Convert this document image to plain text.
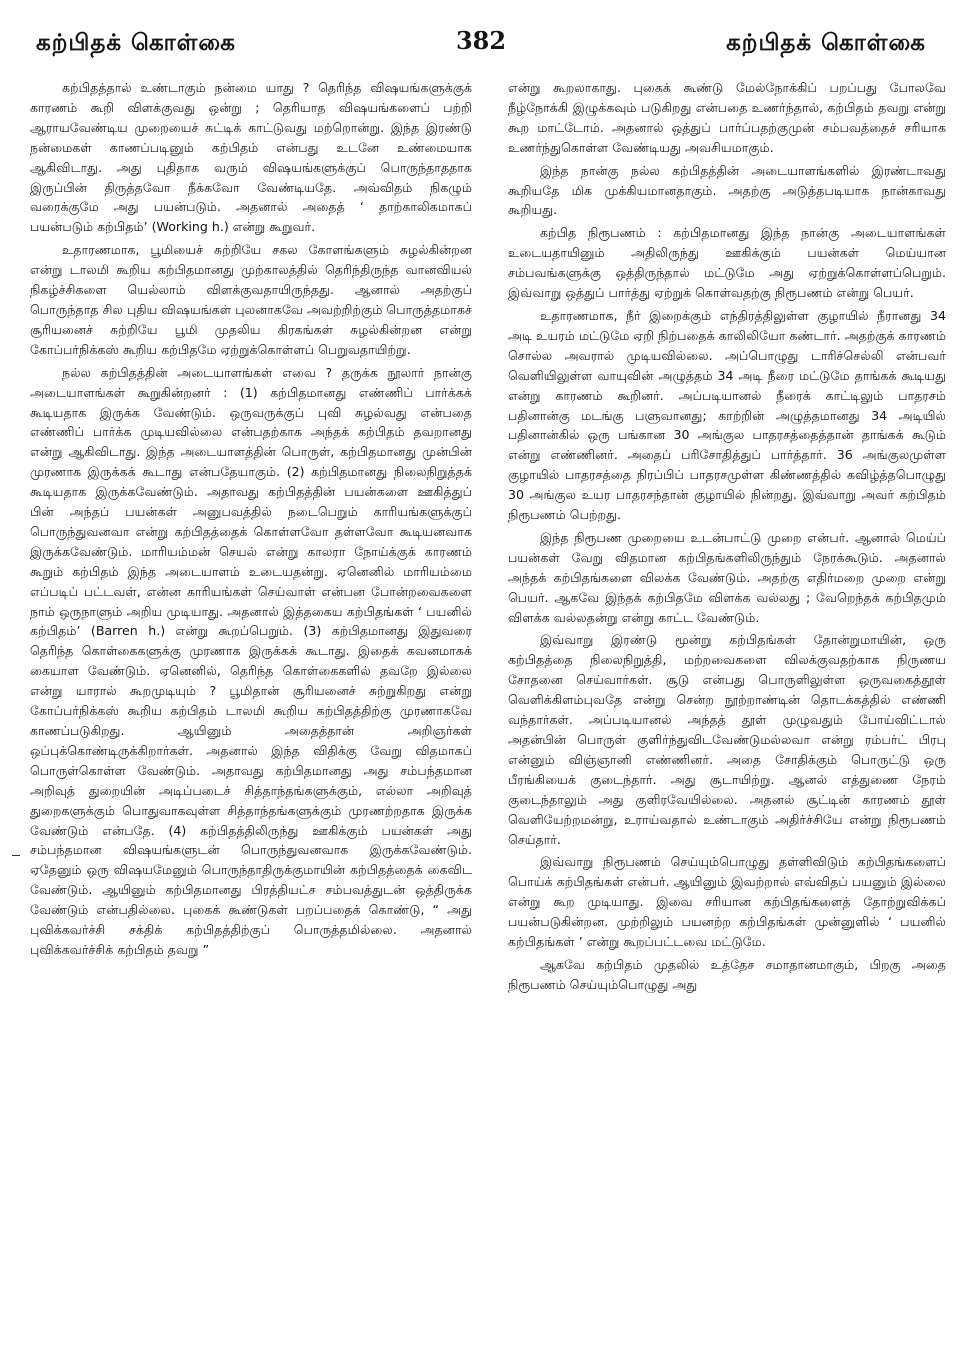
கற்பிதக் கொள்கை	382	கற்பிதக் கொள்கை

கற்பிதத்தால் உண்டாகும் நன்மை யாது ? தெரிந்த விஷயங்களுக்குக் காரணம் கூறி விளக்குவது ஒன்று ; தெரியாத விஷயங்களைப் பற்றி ஆராயவேண்டிய முறையைச் சுட்டிக் காட்டுவது மற்றொன்று. இந்த இரண்டு நன்மைகள் காணப்படினும் கற்பிதம் என்பது உடனே உண்மையாக ஆகிவிடாது. அது புதிதாக வரும் விஷயங்களுக்குப் பொருந்தாததாக இருப்பின் திருத்தவோ நீக்கவோ வேண்டியதே. அவ்விதம் நிகழும் வரைக்குமே அது பயன்படும். அதனால் அதைத் ‘ தாற்காலிகமாகப் பயன்படும் கற்பிதம்’ (Working h.) என்று கூறுவர்.

உதாரணமாக, பூமியைச் சுற்றியே சகல கோளங்களும் சுழல்கின்றன என்று டாலமி கூறிய கற்பிதமானது முற்காலத்தில் தெரிந்திருந்த வானவியல் நிகழ்ச்சிகளை யெல்லாம் விளக்குவதாயிருந்தது. ஆனால் அதற்குப் பொருந்தாத சில புதிய விஷயங்கள் புலனாகவே அவற்றிற்கும் பொருத்தமாகச் சூரியனைச் சுற்றியே பூமி முதலிய கிரகங்கள் சுழல்கின்றன என்று கோப்பர்நிக்கஸ் கூறிய கற்பிதமே ஏற்றுக்கொள்ளப் பெறுவதாயிற்று.

நல்ல கற்பிதத்தின் அடையாளங்கள் எவை ? தருக்க நூலார் நான்கு அடையாளங்கள் கூறுகின்றனர் : (1) கற்பிதமானது எண்ணிப் பார்க்கக் கூடியதாக இருக்க வேண்டும். ஒருவருக்குப் புவி சுழல்வது என்பதை எண்ணிப் பார்க்க முடியவில்லை என்பதற்காக அந்தக் கற்பிதம் தவறானது என்று ஆகிவிடாது. இந்த அடையாளத்தின் பொருள், கற்பிதமானது முன்பின் முரணாக இருக்கக் கூடாது என்பதேயாகும். (2) கற்பிதமானது நிலைநிறுத்தக் கூடியதாக இருக்கவேண்டும். அதாவது கற்பிதத்தின் பயன்களை ஊகித்துப் பின் அந்தப் பயன்கள் அனுபவத்தில் நடைபெறும் காரியங்களுக்குப் பொருந்துவனவா என்று கற்பிதத்தைக் கொள்ளவோ தள்ளவோ கூடியனவாக இருக்கவேண்டும். மாரியம்மன் செயல் என்று காலரா நோய்க்குக் காரணம் கூறும் கற்பிதம் இந்த அடையாளம் உடையதன்று. ஏனெனில் மாரியம்மை எப்படிப் பட்டவள், என்ன காரியங்கள் செய்வாள் என்பன போன்றவைகளை நாம் ஒருநாளும் அறிய முடியாது. அதனால் இத்தகைய கற்பிதங்கள் ‘ பயனில் கற்பிதம்’ (Barren h.) என்று கூறப்பெறும். (3) கற்பிதமானது இதுவரை தெரிந்த கொள்கைகளுக்கு முரணாக இருக்கக் கூடாது. இதைக் கவனமாகக் கையாள வேண்டும். ஏனெனில், தெரிந்த கொள்கைகளில் தவறே இல்லை என்று யாரால் கூறமுடியும் ? பூமிதான் சூரியனைச் சுற்றுகிறது என்று கோப்பர்நிக்கஸ் கூறிய கற்பிதம் டாலமி கூறிய கற்பிதத்திற்கு முரணாகவே காணப்படுகிறது. ஆயினும் அதைத்தான் அறிஞர்கள் ஒப்புக்கொண்டிருக்கிறார்கள். அதனால் இந்த விதிக்கு வேறு விதமாகப் பொருள்கொள்ள வேண்டும். அதாவது கற்பிதமானது அது சம்பந்தமான அறிவுத் துறையின் அடிப்படைச் சித்தாந்தங்களுக்கும், எல்லா அறிவுத் துறைகளுக்கும் பொதுவாகவுள்ள சித்தாந்தங்களுக்கும் முரணற்றதாக இருக்க வேண்டும் என்பதே. (4) கற்பிதத்திலிருந்து ஊகிக்கும் பயன்கள் அது சம்பந்தமான விஷயங்களுடன் பொருந்துவனவாக இருக்கவேண்டும். ஏதேனும் ஒரு விஷயமேனும் பொருந்தாதிருக்குமாயின் கற்பிதத்தைக் கைவிட வேண்டும். ஆயினும் கற்பிதமானது பிரத்தியட்ச சம்பவத்துடன் ஒத்திருக்க வேண்டும் என்பதில்லை. புகைக் கூண்டுகள் பறப்பதைக் கொண்டு, “ அது புவிக்கவர்ச்சி சக்திக் கற்பிதத்திற்குப் பொருத்தமில்லை. அதனால் புவிக்கவர்ச்சிக் கற்பிதம் தவறு ”

என்று கூறலாகாது. புகைக் கூண்டு மேல்நோக்கிப் பறப்பது போலவே நீழ்நோக்கி இழுக்கவும் படுகிறது என்பதை உணர்ந்தால், கற்பிதம் தவறு என்று கூற மாட்டோம். அதனால் ஒத்துப் பார்ப்பதற்குமுன் சம்பவத்தைச் சரியாக உணர்ந்துகொள்ள வேண்டியது அவசியமாகும்.

இந்த நான்கு நல்ல கற்பிதத்தின் அடையாளங்களில் இரண்டாவது கூறியதே மிக முக்கியமானதாகும். அதற்கு அடுத்தபடியாக நான்காவது கூறியது.

கற்பித நிரூபணம் : கற்பிதமானது இந்த நான்கு அடையாளங்கள் உடையதாயினும் அதிலிருந்து ஊகிக்கும் பயன்கள் மெய்யான சம்பவங்களுக்கு ஒத்திருந்தால் மட்டுமே அது ஏற்றுக்கொள்ளப்பெறும். இவ்வாறு ஒத்துப் பார்த்து ஏற்றுக் கொள்வதற்கு நிரூபணம் என்று பெயர்.

உதாரணமாக, நீர் இறைக்கும் எந்திரத்திலுள்ள குழாயில் நீரானது 34 அடி உயரம் மட்டுமே ஏறி நிற்பதைக் காலிலியோ கண்டார். அதற்குக் காரணம் சொல்ல அவரால் முடியவில்லை. அப்பொழுது டாரிச்செல்லி என்பவர் வெளியிலுள்ள வாயுவின் அழுத்தம் 34 அடி நீரை மட்டுமே தாங்கக் கூடியது என்று காரணம் கூறினர். அப்படியானல் நீரைக் காட்டிலும் பாதரசம் பதினான்கு மடங்கு பளுவானது; காற்றின் அழுத்தமானது 34 அடியில் பதினான்கில் ஒரு பங்கான 30 அங்குல பாதரசத்தைத்தான் தாங்கக் கூடும் என்று எண்ணினர். அதைப் பரிசோதித்துப் பார்த்தார். 36 அங்குலமுள்ள குழாயில் பாதரசத்தை நிரப்பிப் பாதரசமுள்ள கிண்ணத்தில் கவிழ்த்தபொழுது 30 அங்குல உயர பாதரசந்தான் குழாயில் நின்றது. இவ்வாறு அவர் கற்பிதம் நிரூபணம் பெற்றது.

இந்த நிரூபண முறையை உடன்பாட்டு முறை என்பர். ஆனால் மெய்ப் பயன்கள் வேறு விதமான கற்பிதங்களிலிருந்தும் நேரக்கூடும். அதனால் அந்தக் கற்பிதங்களை விலக்க வேண்டும். அதற்கு எதிர்மறை முறை என்று பெயர். ஆகவே இந்தக் கற்பிதமே விளக்க வல்லது ; வேறெந்தக் கற்பிதமும் விளக்க வல்லதன்று என்று காட்ட வேண்டும்.

இவ்வாறு இரண்டு மூன்று கற்பிதங்கள் தோன்றுமாயின், ஒரு கற்பிதத்தை நிலைநிறுத்தி, மற்றவைகளை விலக்குவதற்காக நிருணய சோதனை செய்வார்கள். சூடு என்பது பொருளிலுள்ள ஒருவகைத்தூள் வெளிக்கிளம்புவதே என்று சென்ற நூற்றாண்டின் தொடக்கத்தில் எண்ணி வந்தார்கள். அப்படியானல் அந்தத் தூள் முழுவதும் போய்விட்டால் அதன்பின் பொருள் குளிர்ந்துவிடவேண்டுமல்லவா என்று ரம்பர்ட் பிரபு என்னும் விஞ்ஞானி எண்ணினர். அதை சோதிக்கும் பொருட்டு ஒரு பீரங்கியைக் குடைந்தார். அது சூடாயிற்று. ஆனல் எத்துணை நேரம் குடைந்தாலும் அது குளிரவேயில்லை. அதனல் சூட்டின் காரணம் தூள் வெளியேற்றமன்று, உராய்வதால் உண்டாகும் அதிர்ச்சியே என்று நிரூபணம் செய்தார்.

இவ்வாறு நிரூபணம் செய்யும்பொழுது தள்ளிவிடும் கற்பிதங்களைப் பொய்க் கற்பிதங்கள் என்பர். ஆயினும் இவற்றால் எவ்விதப் பயனும் இல்லை என்று கூற முடியாது. இவை சரியான கற்பிதங்களைத் தோற்றுவிக்கப் பயன்படுகின்றன. முற்றிலும் பயனற்ற கற்பிதங்கள் முன்னுளில் ‘ பயனில் கற்பிதங்கள் ’ என்று கூறப்பட்டவை மட்டுமே.

ஆகவே கற்பிதம் முதலில் உத்தேச சமாதானமாகும், பிறகு அதை நிரூபணம் செய்யும்பொழுது அது
